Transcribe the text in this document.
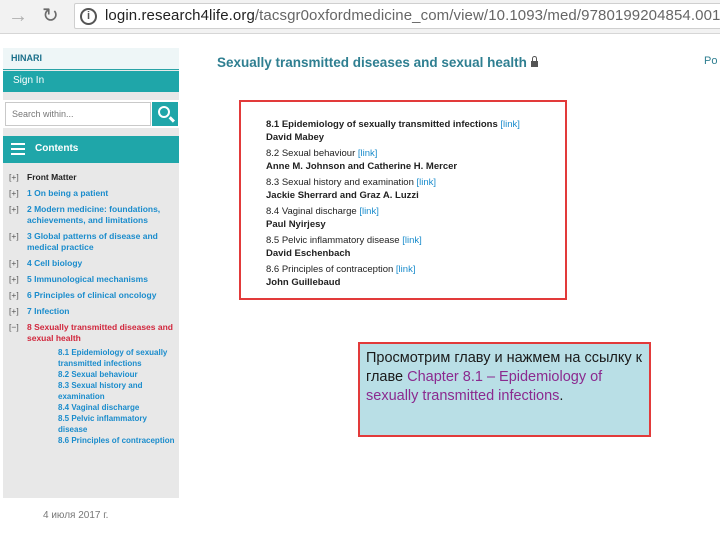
→ ↻	i login.research4life.org/tacsgr0oxfordmedicine_com/view/10.1093/med/9780199204854.001
HINARI
Sign In
Search within...
Contents
[+] Front Matter
[+] 1 On being a patient
[+] 2 Modern medicine: foundations, achievements, and limitations
[+] 3 Global patterns of disease and medical practice
[+] 4 Cell biology
[+] 5 Immunological mechanisms
[+] 6 Principles of clinical oncology
[+] 7 Infection
[−] 8 Sexually transmitted diseases and sexual health
8.1 Epidemiology of sexually transmitted infections
8.2 Sexual behaviour
8.3 Sexual history and examination
8.4 Vaginal discharge
8.5 Pelvic inflammatory disease
8.6 Principles of contraception
4 июля 2017 г.
Sexually transmitted diseases and sexual health	Po
8.1 Epidemiology of sexually transmitted infections [link]
David Mabey
8.2 Sexual behaviour [link]
Anne M. Johnson and Catherine H. Mercer
8.3 Sexual history and examination [link]
Jackie Sherrard and Graz A. Luzzi
8.4 Vaginal discharge [link]
Paul Nyirjesy
8.5 Pelvic inflammatory disease [link]
David Eschenbach
8.6 Principles of contraception [link]
John Guillebaud
Просмотрим главу и нажмем на ссылку к главе Chapter 8.1 – Epidemiology of sexually transmitted infections.
